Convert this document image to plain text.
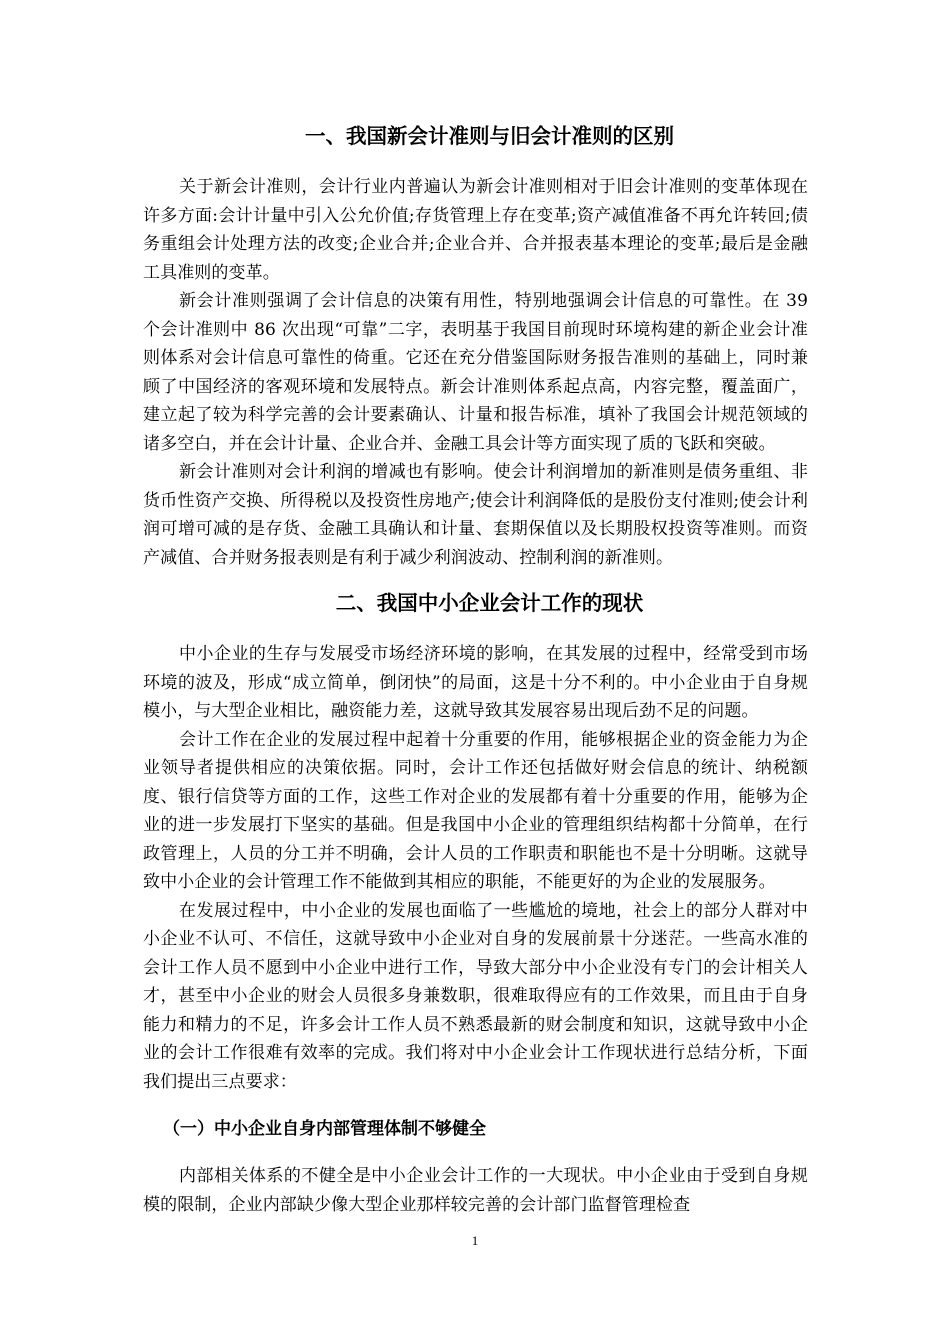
一、我国新会计准则与旧会计准则的区别

关于新会计准则，会计行业内普遍认为新会计准则相对于旧会计准则的变革体现在许多方面:会计计量中引入公允价值;存货管理上存在变革;资产减值准备不再允许转回;债务重组会计处理方法的改变;企业合并;企业合并、合并报表基本理论的变革;最后是金融工具准则的变革。

新会计准则强调了会计信息的决策有用性，特别地强调会计信息的可靠性。在 39 个会计准则中 86 次出现“可靠”二字，表明基于我国目前现时环境构建的新企业会计准则体系对会计信息可靠性的倚重。它还在充分借鉴国际财务报告准则的基础上，同时兼顾了中国经济的客观环境和发展特点。新会计准则体系起点高，内容完整，覆盖面广，建立起了较为科学完善的会计要素确认、计量和报告标准，填补了我国会计规范领域的诸多空白，并在会计计量、企业合并、金融工具会计等方面实现了质的飞跃和突破。

新会计准则对会计利润的增减也有影响。使会计利润增加的新准则是债务重组、非货币性资产交换、所得税以及投资性房地产;使会计利润降低的是股份支付准则;使会计利润可增可减的是存货、金融工具确认和计量、套期保值以及长期股权投资等准则。而资产减值、合并财务报表则是有利于减少利润波动、控制利润的新准则。

二、我国中小企业会计工作的现状

中小企业的生存与发展受市场经济环境的影响，在其发展的过程中，经常受到市场环境的波及，形成“成立简单，倒闭快”的局面，这是十分不利的。中小企业由于自身规模小，与大型企业相比，融资能力差，这就导致其发展容易出现后劲不足的问题。

会计工作在企业的发展过程中起着十分重要的作用，能够根据企业的资金能力为企业领导者提供相应的决策依据。同时，会计工作还包括做好财会信息的统计、纳税额度、银行信贷等方面的工作，这些工作对企业的发展都有着十分重要的作用，能够为企业的进一步发展打下坚实的基础。但是我国中小企业的管理组织结构都十分简单，在行政管理上，人员的分工并不明确，会计人员的工作职责和职能也不是十分明晰。这就导致中小企业的会计管理工作不能做到其相应的职能，不能更好的为企业的发展服务。

在发展过程中，中小企业的发展也面临了一些尴尬的境地，社会上的部分人群对中小企业不认可、不信任，这就导致中小企业对自身的发展前景十分迷茫。一些高水准的会计工作人员不愿到中小企业中进行工作，导致大部分中小企业没有专门的会计相关人才，甚至中小企业的财会人员很多身兼数职，很难取得应有的工作效果，而且由于自身能力和精力的不足，许多会计工作人员不熟悉最新的财会制度和知识，这就导致中小企业的会计工作很难有效率的完成。我们将对中小企业会计工作现状进行总结分析，下面我们提出三点要求：

（一）中小企业自身内部管理体制不够健全

内部相关体系的不健全是中小企业会计工作的一大现状。中小企业由于受到自身规模的限制，企业内部缺少像大型企业那样较完善的会计部门监督管理检查

1
